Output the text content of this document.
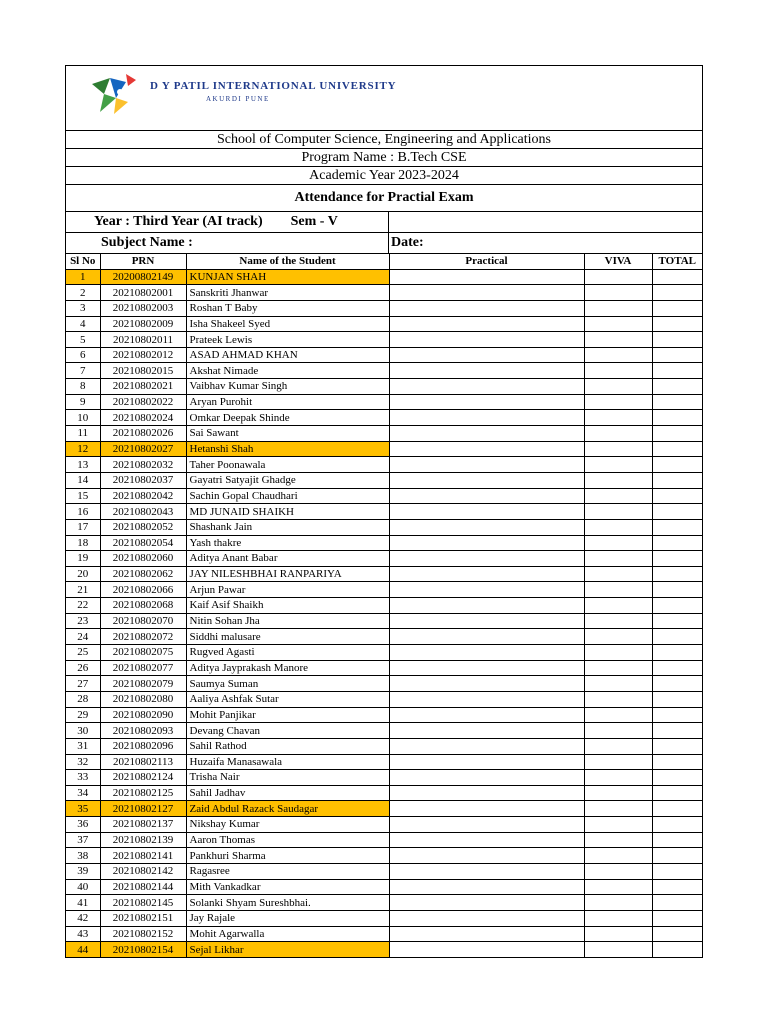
D Y PATIL INTERNATIONAL UNIVERSITY
AKURDI PUNE
School of Computer Science, Engineering and Applications
Program Name : B.Tech CSE
Academic Year 2023-2024
Attendance for Practial Exam
Year : Third Year (AI track) Sem - V
Subject Name :	Date:
Sl No	PRN	Name of the Student	Practical	VIVA	TOTAL
1	20200802149	KUNJAN SHAH			
2	20210802001	Sanskriti Jhanwar			
3	20210802003	Roshan T Baby			
4	20210802009	Isha Shakeel Syed			
5	20210802011	Prateek Lewis			
6	20210802012	ASAD AHMAD KHAN			
7	20210802015	Akshat Nimade			
8	20210802021	Vaibhav Kumar Singh			
9	20210802022	Aryan Purohit			
10	20210802024	Omkar Deepak Shinde			
11	20210802026	Sai Sawant			
12	20210802027	Hetanshi Shah			
13	20210802032	Taher Poonawala			
14	20210802037	Gayatri Satyajit Ghadge			
15	20210802042	Sachin Gopal Chaudhari			
16	20210802043	MD JUNAID SHAIKH			
17	20210802052	Shashank Jain			
18	20210802054	Yash thakre			
19	20210802060	Aditya Anant Babar			
20	20210802062	JAY NILESHBHAI RANPARIYA			
21	20210802066	Arjun Pawar			
22	20210802068	Kaif Asif Shaikh			
23	20210802070	Nitin Sohan Jha			
24	20210802072	Siddhi malusare			
25	20210802075	Rugved Agasti			
26	20210802077	Aditya Jayprakash Manore			
27	20210802079	Saumya Suman			
28	20210802080	Aaliya Ashfak Sutar			
29	20210802090	Mohit Panjikar			
30	20210802093	Devang Chavan			
31	20210802096	Sahil Rathod			
32	20210802113	Huzaifa Manasawala			
33	20210802124	Trisha Nair			
34	20210802125	Sahil Jadhav			
35	20210802127	Zaid Abdul Razack Saudagar			
36	20210802137	Nikshay Kumar			
37	20210802139	Aaron Thomas			
38	20210802141	Pankhuri Sharma			
39	20210802142	Ragasree			
40	20210802144	Mith Vankadkar			
41	20210802145	Solanki Shyam Sureshbhai.			
42	20210802151	Jay Rajale			
43	20210802152	Mohit Agarwalla			
44	20210802154	Sejal Likhar			
